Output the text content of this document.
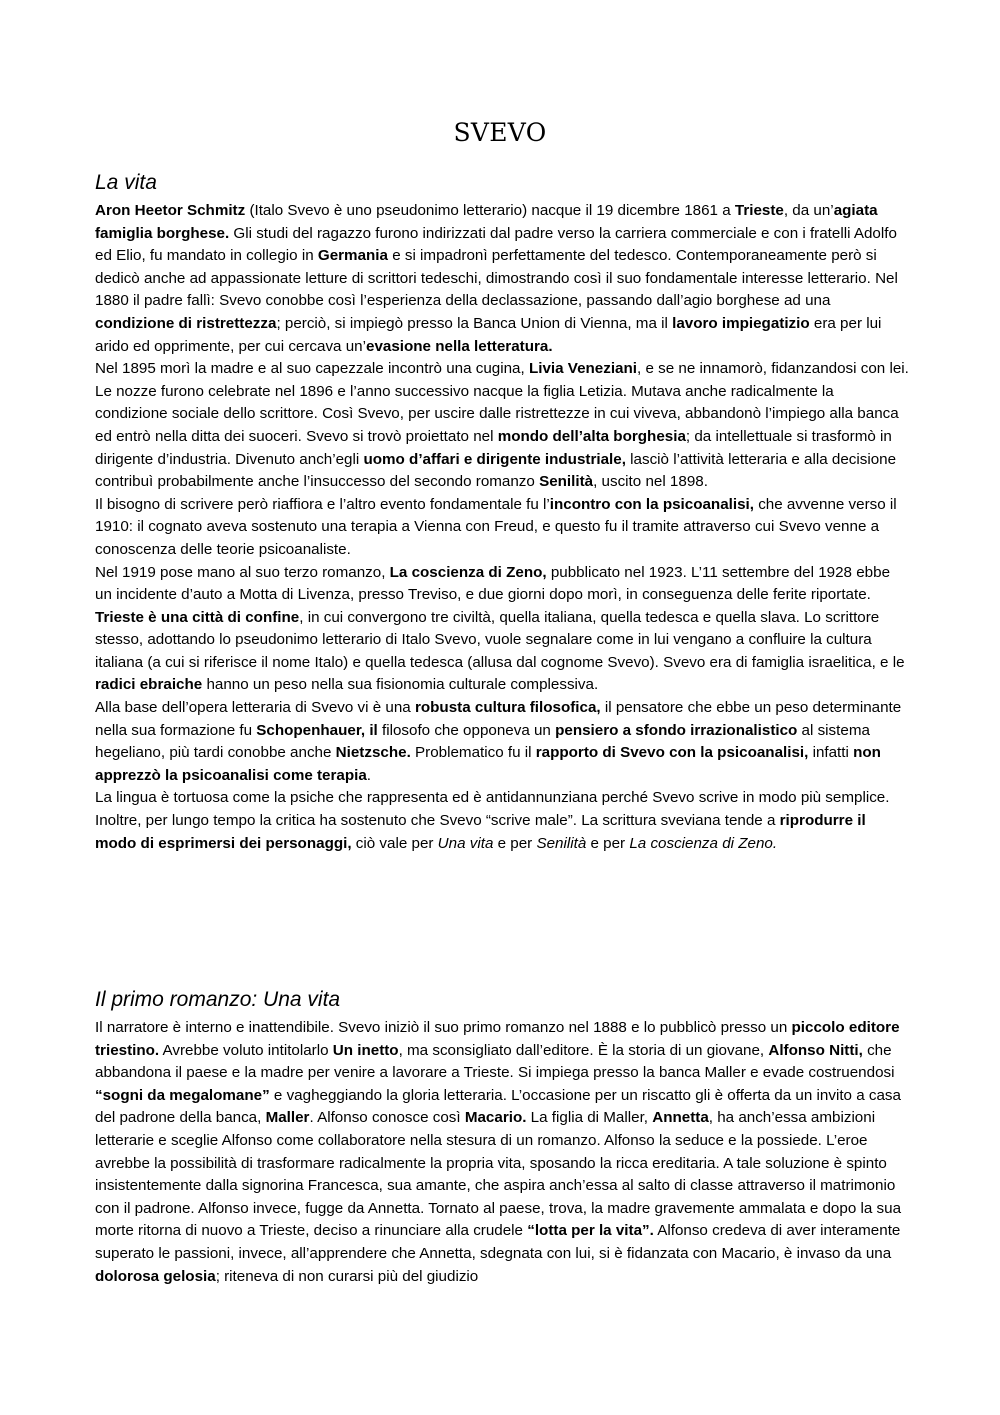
SVEVO
La vita

Aron Heetor Schmitz (Italo Svevo è uno pseudonimo letterario) nacque il 19 dicembre 1861 a Trieste, da un’agiata famiglia borghese. Gli studi del ragazzo furono indirizzati dal padre verso la carriera commerciale e con i fratelli Adolfo ed Elio, fu mandato in collegio in Germania e si impadronì perfettamente del tedesco. Contemporaneamente però si dedicò anche ad appassionate letture di scrittori tedeschi, dimostrando così il suo fondamentale interesse letterario. Nel 1880 il padre fallì: Svevo conobbe così l’esperienza della declassazione, passando dall’agio borghese ad una condizione di ristrettezza; perciò, si impiegò presso la Banca Union di Vienna, ma il lavoro impiegatizio era per lui arido ed opprimente, per cui cercava un’evasione nella letteratura.

Nel 1895 morì la madre e al suo capezzale incontrò una cugina, Livia Veneziani, e se ne innamorò, fidanzandosi con lei. Le nozze furono celebrate nel 1896 e l’anno successivo nacque la figlia Letizia. Mutava anche radicalmente la condizione sociale dello scrittore. Così Svevo, per uscire dalle ristrettezze in cui viveva, abbandonò l’impiego alla banca ed entrò nella ditta dei suoceri. Svevo si trovò proiettato nel mondo dell’alta borghesia; da intellettuale si trasformò in dirigente d’industria. Divenuto anch’egli uomo d’affari e dirigente industriale, lasciò l’attività letteraria e alla decisione contribuì probabilmente anche l’insuccesso del secondo romanzo Senilità, uscito nel 1898.

Il bisogno di scrivere però riaffiora e l’altro evento fondamentale fu l’incontro con la psicoanalisi, che avvenne verso il 1910: il cognato aveva sostenuto una terapia a Vienna con Freud, e questo fu il tramite attraverso cui Svevo venne a conoscenza delle teorie psicoanaliste.

Nel 1919 pose mano al suo terzo romanzo, La coscienza di Zeno, pubblicato nel 1923. L’11 settembre del 1928 ebbe un incidente d’auto a Motta di Livenza, presso Treviso, e due giorni dopo morì, in conseguenza delle ferite riportate.

Trieste è una città di confine, in cui convergono tre civiltà, quella italiana, quella tedesca e quella slava. Lo scrittore stesso, adottando lo pseudonimo letterario di Italo Svevo, vuole segnalare come in lui vengano a confluire la cultura italiana (a cui si riferisce il nome Italo) e quella tedesca (allusa dal cognome Svevo). Svevo era di famiglia israelitica, e le radici ebraiche hanno un peso nella sua fisionomia culturale complessiva.

Alla base dell’opera letteraria di Svevo vi è una robusta cultura filosofica, il pensatore che ebbe un peso determinante nella sua formazione fu Schopenhauer, il filosofo che opponeva un pensiero a sfondo irrazionalistico al sistema hegeliano, più tardi conobbe anche Nietzsche. Problematico fu il rapporto di Svevo con la psicoanalisi, infatti non apprezzò la psicoanalisi come terapia.

La lingua è tortuosa come la psiche che rappresenta ed è antidannunziana perché Svevo scrive in modo più semplice. Inoltre, per lungo tempo la critica ha sostenuto che Svevo “scrive male”. La scrittura sveviana tende a riprodurre il modo di esprimersi dei personaggi, ciò vale per Una vita e per Senilità e per La coscienza di Zeno.

Il primo romanzo: Una vita

Il narratore è interno e inattendibile. Svevo iniziò il suo primo romanzo nel 1888 e lo pubblicò presso un piccolo editore triestino. Avrebbe voluto intitolarlo Un inetto, ma sconsigliato dall’editore. È la storia di un giovane, Alfonso Nitti, che abbandona il paese e la madre per venire a lavorare a Trieste. Si impiega presso la banca Maller e evade costruendosi “sogni da megalomane” e vagheggiando la gloria letteraria. L’occasione per un riscatto gli è offerta da un invito a casa del padrone della banca, Maller. Alfonso conosce così Macario. La figlia di Maller, Annetta, ha anch’essa ambizioni letterarie e sceglie Alfonso come collaboratore nella stesura di un romanzo. Alfonso la seduce e la possiede. L’eroe avrebbe la possibilità di trasformare radicalmente la propria vita, sposando la ricca ereditaria. A tale soluzione è spinto insistentemente dalla signorina Francesca, sua amante, che aspira anch’essa al salto di classe attraverso il matrimonio con il padrone. Alfonso invece, fugge da Annetta. Tornato al paese, trova, la madre gravemente ammalata e dopo la sua morte ritorna di nuovo a Trieste, deciso a rinunciare alla crudele “lotta per la vita”. Alfonso credeva di aver interamente superato le passioni, invece, all’apprendere che Annetta, sdegnata con lui, si è fidanzata con Macario, è invaso da una dolorosa gelosia; riteneva di non curarsi più del giudizio
